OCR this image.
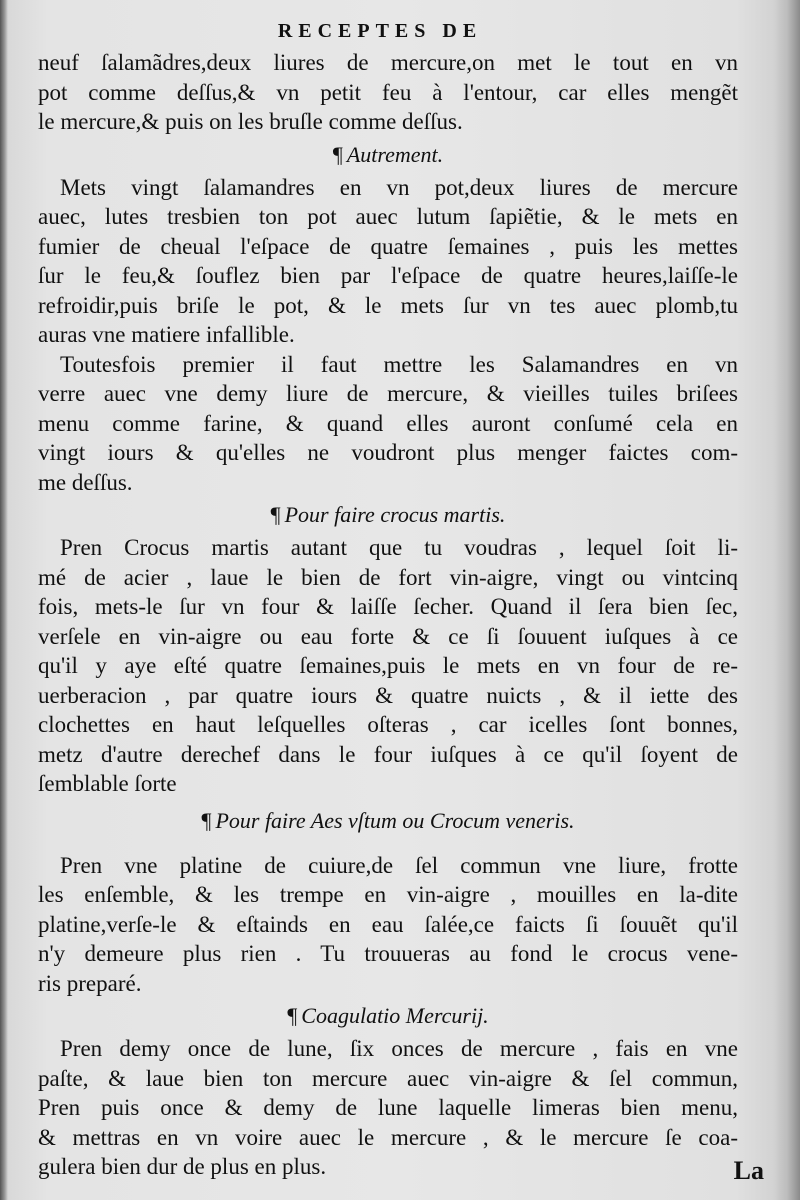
RECEPTES DE
neuf ſalamãdres,deux liures de mercure,on met le tout en vn
pot comme deſſus,& vn petit feu à l'entour, car elles mengẽt
le mercure,& puis on les bruſle comme deſſus.
¶ Autrement.
Mets vingt ſalamandres en vn pot,deux liures de mercure
auec, lutes tresbien ton pot auec lutum ſapiẽtie, & le mets en
fumier de cheual l'eſpace de quatre ſemaines , puis les mettes
ſur le feu,& ſouflez bien par l'eſpace de quatre heures,laiſſe-le
refroidir,puis briſe le pot, & le mets ſur vn tes auec plomb,tu
auras vne matiere infallible.
Toutesfois premier il faut mettre les Salamandres en vn
verre auec vne demy liure de mercure, & vieilles tuiles briſees
menu comme farine, & quand elles auront conſumé cela en
vingt iours & qu'elles ne voudront plus menger faictes com-
me deſſus.
¶ Pour faire crocus martis.
Pren Crocus martis autant que tu voudras , lequel ſoit li-
mé de acier , laue le bien de fort vin-aigre, vingt ou vintcinq
fois, mets-le ſur vn four & laiſſe ſecher. Quand il ſera bien ſec,
verſele en vin-aigre ou eau forte & ce ſi ſouuent iuſques à ce
qu'il y aye eſté quatre ſemaines,puis le mets en vn four de re-
uerberacion , par quatre iours & quatre nuicts , & il iette des
clochettes en haut leſquelles oſteras , car icelles ſont bonnes,
metz d'autre derechef dans le four iuſques à ce qu'il ſoyent de
ſemblable ſorte
¶ Pour faire Aes vſtum ou Crocum veneris.
Pren vne platine de cuiure,de ſel commun vne liure, frotte
les enſemble, & les trempe en vin-aigre , mouilles en la-dite
platine,verſe-le & eſtainds en eau ſalée,ce faicts ſi ſouuẽt qu'il
n'y demeure plus rien . Tu trouueras au fond le crocus vene-
ris preparé.
¶ Coagulatio Mercurij.
Pren demy once de lune, ſix onces de mercure , fais en vne
paſte, & laue bien ton mercure auec vin-aigre & ſel commun,
Pren puis once & demy de lune laquelle limeras bien menu,
& mettras en vn voire auec le mercure , & le mercure ſe coa-
gulera bien dur de plus en plus.	La
